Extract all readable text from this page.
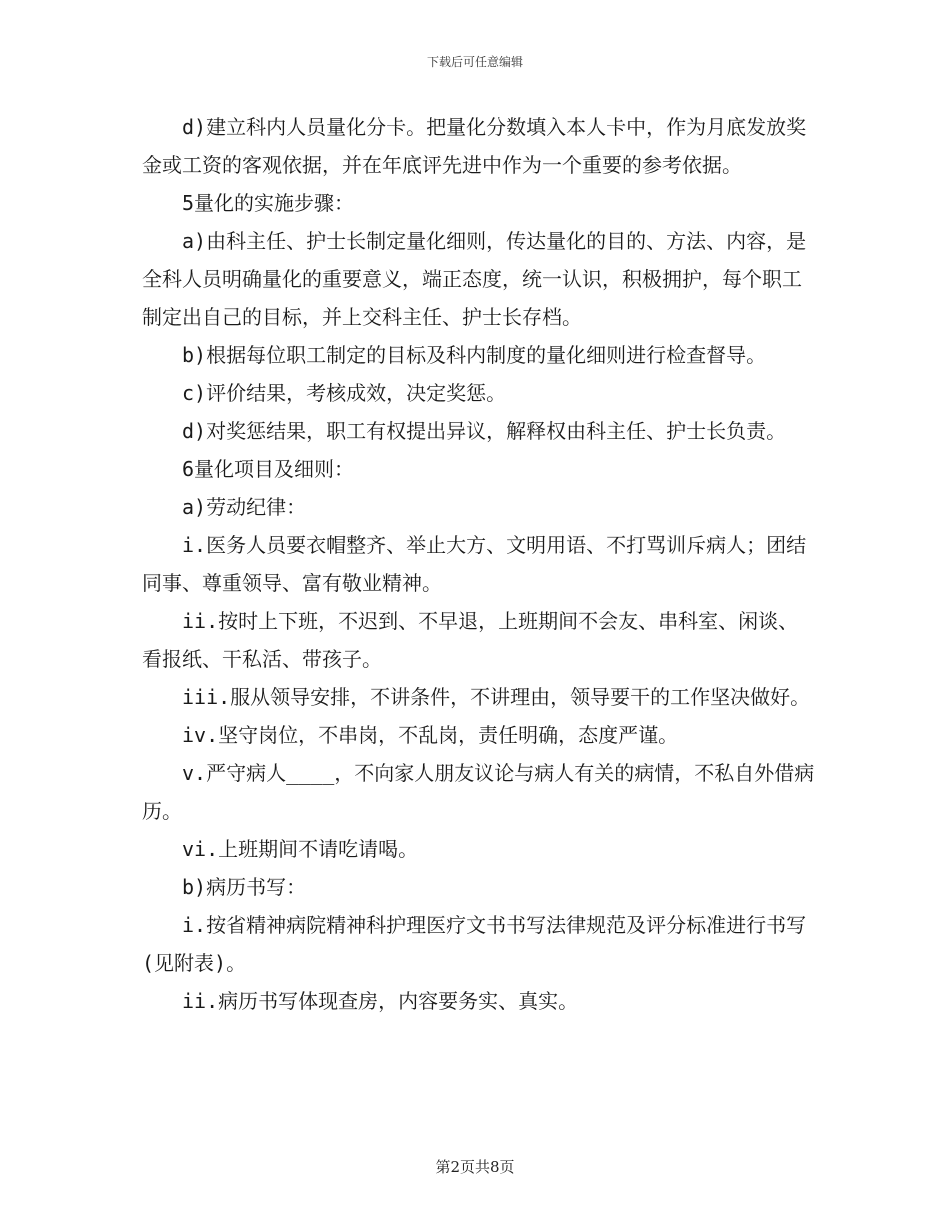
下载后可任意编辑

d)建立科内人员量化分卡。把量化分数填入本人卡中，作为月底发放奖金或工资的客观依据，并在年底评先进中作为一个重要的参考依据。

5量化的实施步骤：

a)由科主任、护士长制定量化细则，传达量化的目的、方法、内容，是全科人员明确量化的重要意义，端正态度，统一认识，积极拥护，每个职工制定出自己的目标，并上交科主任、护士长存档。

b)根据每位职工制定的目标及科内制度的量化细则进行检查督导。

c)评价结果，考核成效，决定奖惩。

d)对奖惩结果，职工有权提出异议，解释权由科主任、护士长负责。

6量化项目及细则：

a)劳动纪律：

i.医务人员要衣帽整齐、举止大方、文明用语、不打骂训斥病人；团结同事、尊重领导、富有敬业精神。

ii.按时上下班，不迟到、不早退，上班期间不会友、串科室、闲谈、看报纸、干私活、带孩子。

iii.服从领导安排，不讲条件，不讲理由，领导要干的工作坚决做好。

iv.坚守岗位，不串岗，不乱岗，责任明确，态度严谨。

v.严守病人____，不向家人朋友议论与病人有关的病情，不私自外借病历。

vi.上班期间不请吃请喝。

b)病历书写：

i.按省精神病院精神科护理医疗文书书写法律规范及评分标准进行书写(见附表)。

ii.病历书写体现查房，内容要务实、真实。

第2页共8页
